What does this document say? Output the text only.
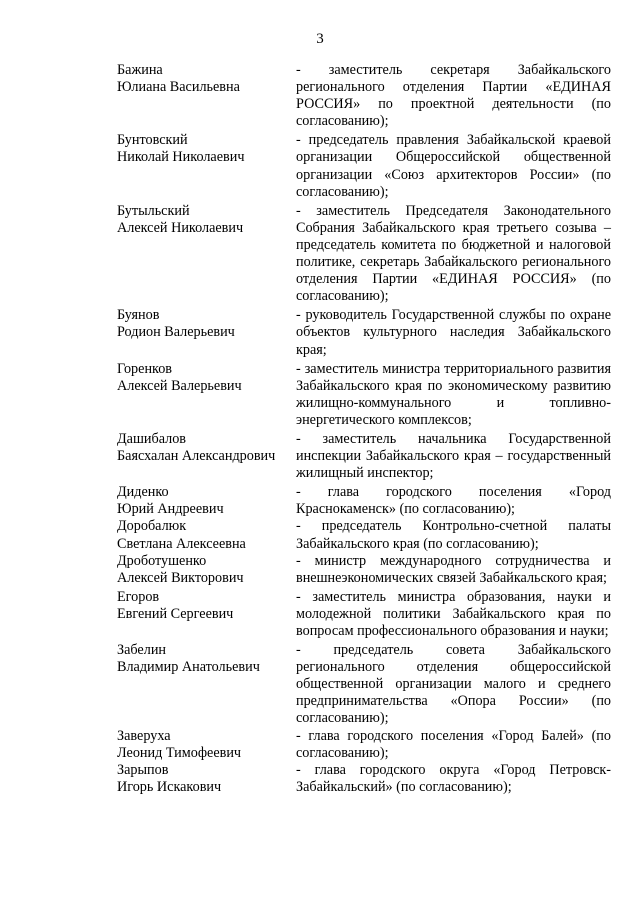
3
Бажина
Юлиана Васильевна
- заместитель секретаря Забайкальского регионального отделения Партии «ЕДИНАЯ РОССИЯ» по проектной деятельности (по согласованию);
Бунтовский
Николай Николаевич
- председатель правления Забайкальской краевой организации Общероссийской общественной организации «Союз архитекторов России» (по согласованию);
Бутыльский
Алексей Николаевич
- заместитель Председателя Законодательного Собрания Забайкальского края третьего созыва – председатель комитета по бюджетной и налоговой политике, секретарь Забайкальского регионального отделения Партии «ЕДИНАЯ РОССИЯ» (по согласованию);
Буянов
Родион Валерьевич
- руководитель Государственной службы по охране объектов культурного наследия Забайкальского края;
Горенков
Алексей Валерьевич
- заместитель министра территориального развития Забайкальского края по экономическому развитию жилищно-коммунального и топливно-энергетического комплексов;
Дашибалов
Баясхалан Александрович
- заместитель начальника Государственной инспекции Забайкальского края – государственный жилищный инспектор;
Диденко
Юрий Андреевич
- глава городского поселения «Город Краснокаменск» (по согласованию);
Доробалюк
Светлана Алексеевна
- председатель Контрольно-счетной палаты Забайкальского края (по согласованию);
Дроботушенко
Алексей Викторович
- министр международного сотрудничества и внешнеэкономических связей Забайкальского края;
Егоров
Евгений Сергеевич
- заместитель министра образования, науки и молодежной политики Забайкальского края по вопросам профессионального образования и науки;
Забелин
Владимир Анатольевич
- председатель совета Забайкальского регионального отделения общероссийской общественной организации малого и среднего предпринимательства «Опора России» (по согласованию);
Заверуха
Леонид Тимофеевич
- глава городского поселения «Город Балей» (по согласованию);
Зарыпов
Игорь Искакович
- глава городского округа «Город Петровск-Забайкальский» (по согласованию);
